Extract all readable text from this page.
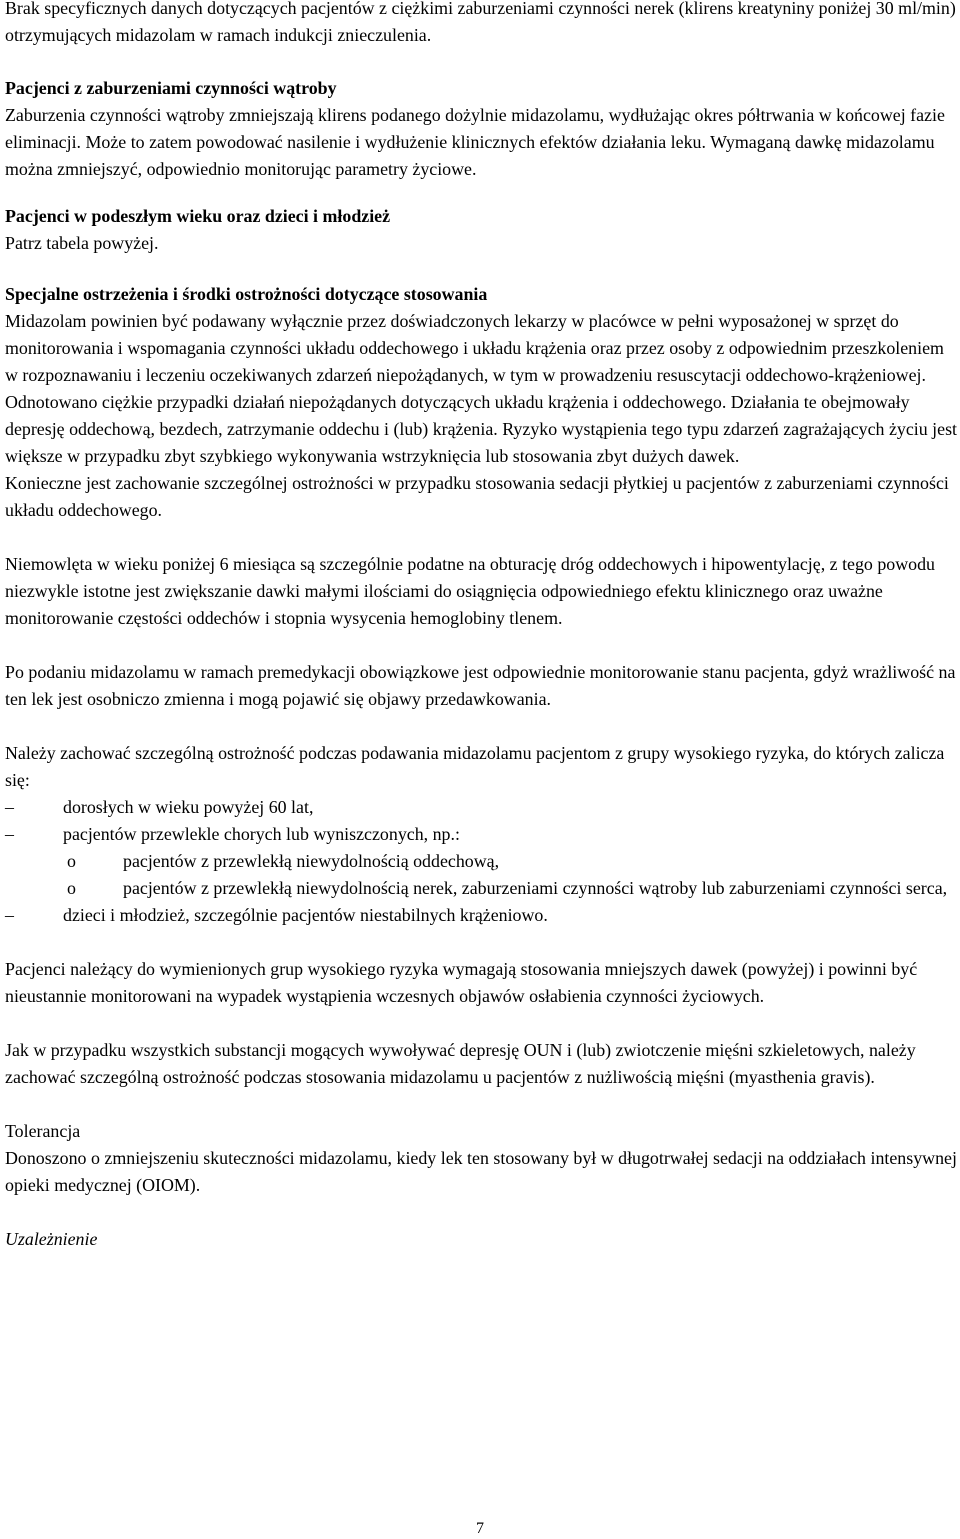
Brak specyficznych danych dotyczących pacjentów z ciężkimi zaburzeniami czynności nerek (klirens kreatyniny poniżej 30 ml/min) otrzymujących midazolam w ramach indukcji znieczulenia.

Pacjenci z zaburzeniami czynności wątroby

Zaburzenia czynności wątroby zmniejszają klirens podanego dożylnie midazolamu, wydłużając okres półtrwania w końcowej fazie eliminacji. Może to zatem powodować nasilenie i wydłużenie klinicznych efektów działania leku. Wymaganą dawkę midazolamu można zmniejszyć, odpowiednio monitorując parametry życiowe.

Pacjenci w podeszłym wieku oraz dzieci i młodzież

Patrz tabela powyżej.

Specjalne ostrzeżenia i środki ostrożności dotyczące stosowania

Midazolam powinien być podawany wyłącznie przez doświadczonych lekarzy w placówce w pełni wyposażonej w sprzęt do monitorowania i wspomagania czynności układu oddechowego i układu krążenia oraz przez osoby z odpowiednim przeszkoleniem w rozpoznawaniu i leczeniu oczekiwanych zdarzeń niepożądanych, w tym w prowadzeniu resuscytacji oddechowo-krążeniowej.

Odnotowano ciężkie przypadki działań niepożądanych dotyczących układu krążenia i oddechowego. Działania te obejmowały depresję oddechową, bezdech, zatrzymanie oddechu i (lub) krążenia. Ryzyko wystąpienia tego typu zdarzeń zagrażających życiu jest większe w przypadku zbyt szybkiego wykonywania wstrzyknięcia lub stosowania zbyt dużych dawek.

Konieczne jest zachowanie szczególnej ostrożności w przypadku stosowania sedacji płytkiej u pacjentów z zaburzeniami czynności układu oddechowego.

Niemowlęta w wieku poniżej 6 miesiąca są szczególnie podatne na obturację dróg oddechowych i hipowentylację, z tego powodu niezwykle istotne jest zwiększanie dawki małymi ilościami do osiągnięcia odpowiedniego efektu klinicznego oraz uważne monitorowanie częstości oddechów i stopnia wysycenia hemoglobiny tlenem.

Po podaniu midazolamu w ramach premedykacji obowiązkowe jest odpowiednie monitorowanie stanu pacjenta, gdyż wrażliwość na ten lek jest osobniczo zmienna i mogą pojawić się objawy przedawkowania.

Należy zachować szczególną ostrożność podczas podawania midazolamu pacjentom z grupy wysokiego ryzyka, do których zalicza się:

–	dorosłych w wieku powyżej 60 lat,
–	pacjentów przewlekle chorych lub wyniszczonych, np.:
o	pacjentów z przewlekłą niewydolnością oddechową,
o	pacjentów z przewlekłą niewydolnością nerek, zaburzeniami czynności wątroby lub zaburzeniami czynności serca,
–	dzieci i młodzież, szczególnie pacjentów niestabilnych krążeniowo.

Pacjenci należący do wymienionych grup wysokiego ryzyka wymagają stosowania mniejszych dawek (powyżej) i powinni być nieustannie monitorowani na wypadek wystąpienia wczesnych objawów osłabienia czynności życiowych.

Jak w przypadku wszystkich substancji mogących wywoływać depresję OUN i (lub) zwiotczenie mięśni szkieletowych, należy zachować szczególną ostrożność podczas stosowania midazolamu u pacjentów z nużliwością mięśni (myasthenia gravis).

Tolerancja

Donoszono o zmniejszeniu skuteczności midazolamu, kiedy lek ten stosowany był w długotrwałej sedacji na oddziałach intensywnej opieki medycznej (OIOM).

Uzależnienie
7
